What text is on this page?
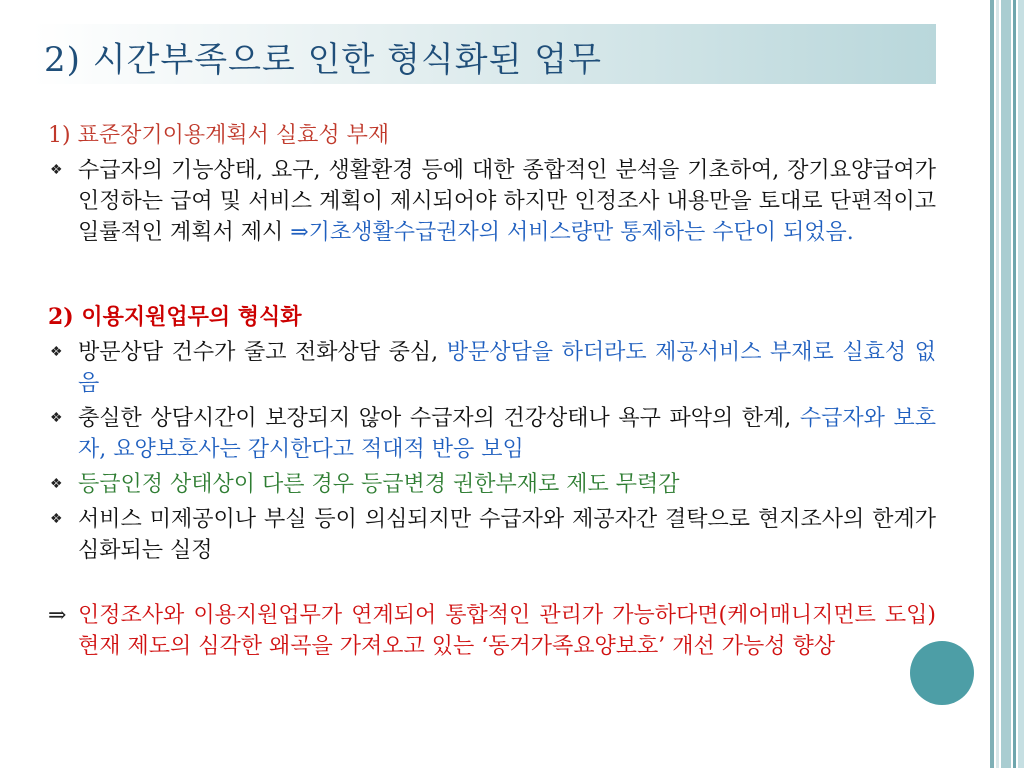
2) 시간부족으로 인한 형식화된 업무

1) 표준장기이용계획서 실효성 부재

❖ 수급자의 기능상태, 요구, 생활환경 등에 대한 종합적인 분석을 기초하여, 장기요양급여가 인정하는 급여 및 서비스 계획이 제시되어야 하지만 인정조사 내용만을 토대로 단편적이고 일률적인 계획서 제시 ⇒기초생활수급권자의 서비스량만 통제하는 수단이 되었음.

2) 이용지원업무의 형식화

❖ 방문상담 건수가 줄고 전화상담 중심, 방문상담을 하더라도 제공서비스 부재로 실효성 없음

❖ 충실한 상담시간이 보장되지 않아 수급자의 건강상태나 욕구 파악의 한계, 수급자와 보호자, 요양보호사는 감시한다고 적대적 반응 보임

❖ 등급인정 상태상이 다른 경우 등급변경 권한부재로 제도 무력감

❖ 서비스 미제공이나 부실 등이 의심되지만 수급자와 제공자간 결탁으로 현지조사의 한계가 심화되는 실정

⇒ 인정조사와 이용지원업무가 연계되어 통합적인 관리가 가능하다면(케어매니지먼트 도입) 현재 제도의 심각한 왜곡을 가져오고 있는 ‘동거가족요양보호’ 개선 가능성 향상
